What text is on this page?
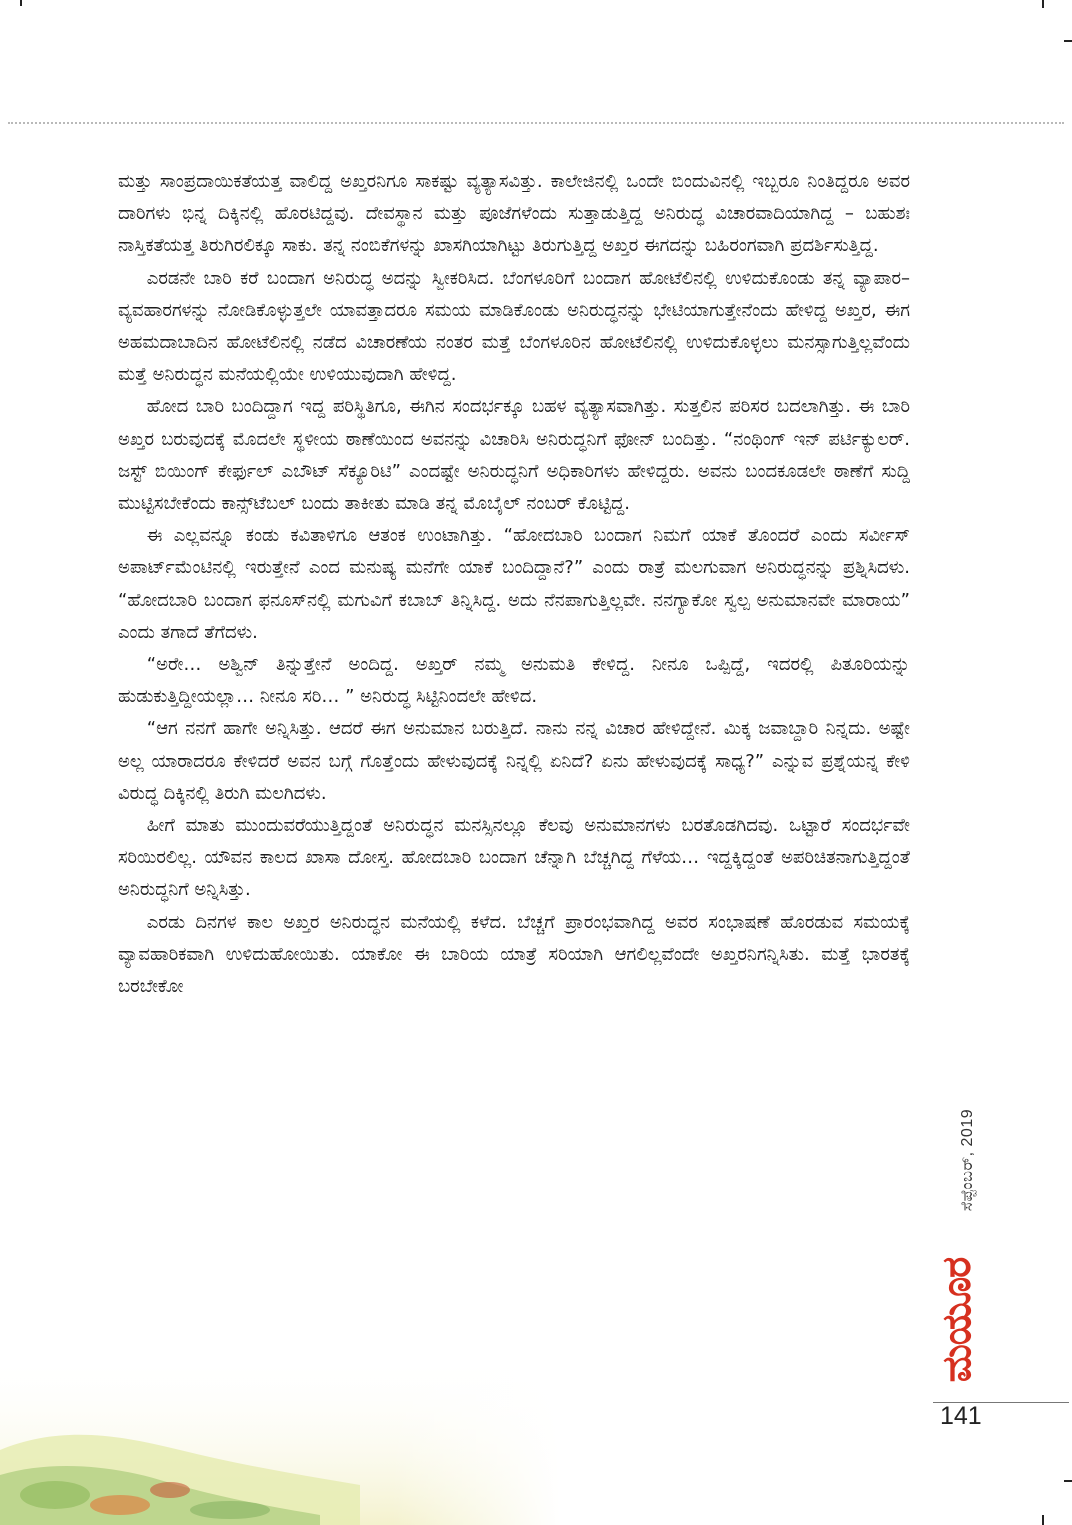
ಮತ್ತು ಸಾಂಪ್ರದಾಯಿಕತೆಯತ್ತ ವಾಲಿದ್ದ ಅಖ್ತರನಿಗೂ ಸಾಕಷ್ಟು ವ್ಯತ್ಯಾಸವಿತ್ತು. ಕಾಲೇಜಿನಲ್ಲಿ ಒಂದೇ ಬಿಂದುವಿನಲ್ಲಿ ಇಬ್ಬರೂ ನಿಂತಿದ್ದರೂ ಅವರ ದಾರಿಗಳು ಭಿನ್ನ ದಿಕ್ಕಿನಲ್ಲಿ ಹೊರಟಿದ್ದವು. ದೇವಸ್ಥಾನ ಮತ್ತು ಪೂಜೆಗಳೆಂದು ಸುತ್ತಾಡುತ್ತಿದ್ದ ಅನಿರುದ್ಧ ವಿಚಾರವಾದಿಯಾಗಿದ್ದ – ಬಹುಶಃ ನಾಸ್ತಿಕತೆಯತ್ತ ತಿರುಗಿರಲಿಕ್ಕೂ ಸಾಕು. ತನ್ನ ನಂಬಿಕೆಗಳನ್ನು ಖಾಸಗಿಯಾಗಿಟ್ಟು ತಿರುಗುತ್ತಿದ್ದ ಅಖ್ತರ ಈಗದನ್ನು ಬಹಿರಂಗವಾಗಿ ಪ್ರದರ್ಶಿಸುತ್ತಿದ್ದ.

ಎರಡನೇ ಬಾರಿ ಕರೆ ಬಂದಾಗ ಅನಿರುದ್ಧ ಅದನ್ನು ಸ್ವೀಕರಿಸಿದ. ಬೆಂಗಳೂರಿಗೆ ಬಂದಾಗ ಹೋಟೆಲಿನಲ್ಲಿ ಉಳಿದುಕೊಂಡು ತನ್ನ ವ್ಯಾಪಾರ–ವ್ಯವಹಾರಗಳನ್ನು ನೋಡಿಕೊಳ್ಳುತ್ತಲೇ ಯಾವತ್ತಾದರೂ ಸಮಯ ಮಾಡಿಕೊಂಡು ಅನಿರುದ್ಧನನ್ನು ಭೇಟಿಯಾಗುತ್ತೇನೆಂದು ಹೇಳಿದ್ದ ಅಖ್ತರ, ಈಗ ಅಹಮದಾಬಾದಿನ ಹೋಟೆಲಿನಲ್ಲಿ ನಡೆದ ವಿಚಾರಣೆಯ ನಂತರ ಮತ್ತೆ ಬೆಂಗಳೂರಿನ ಹೋಟೆಲಿನಲ್ಲಿ ಉಳಿದುಕೊಳ್ಳಲು ಮನಸ್ಸಾಗುತ್ತಿಲ್ಲವೆಂದು ಮತ್ತೆ ಅನಿರುದ್ಧನ ಮನೆಯಲ್ಲಿಯೇ ಉಳಿಯುವುದಾಗಿ ಹೇಳಿದ್ದ.

ಹೋದ ಬಾರಿ ಬಂದಿದ್ದಾಗ ಇದ್ದ ಪರಿಸ್ಥಿತಿಗೂ, ಈಗಿನ ಸಂದರ್ಭಕ್ಕೂ ಬಹಳ ವ್ಯತ್ಯಾಸವಾಗಿತ್ತು. ಸುತ್ತಲಿನ ಪರಿಸರ ಬದಲಾಗಿತ್ತು. ಈ ಬಾರಿ ಅಖ್ತರ ಬರುವುದಕ್ಕೆ ಮೊದಲೇ ಸ್ಥಳೀಯ ಠಾಣೆಯಿಂದ ಅವನನ್ನು ವಿಚಾರಿಸಿ ಅನಿರುದ್ಧನಿಗೆ ಫೋನ್ ಬಂದಿತ್ತು. “ನಂಥಿಂಗ್ ಇನ್ ಪರ್ಟಿಕ್ಯುಲರ್. ಜಸ್ಟ್ ಬಿಯಿಂಗ್ ಕೇರ್ಫುಲ್ ಎಬೌಟ್ ಸೆಕ್ಯೂರಿಟಿ” ಎಂದಷ್ಟೇ ಅನಿರುದ್ಧನಿಗೆ ಅಧಿಕಾರಿಗಳು ಹೇಳಿದ್ದರು. ಅವನು ಬಂದಕೂಡಲೇ ಠಾಣೆಗೆ ಸುದ್ದಿ ಮುಟ್ಟಿಸಬೇಕೆಂದು ಕಾನ್ಸ್‌ಟೆಬಲ್ ಬಂದು ತಾಕೀತು ಮಾಡಿ ತನ್ನ ಮೊಬೈಲ್ ನಂಬರ್ ಕೊಟ್ಟಿದ್ದ.

ಈ ಎಲ್ಲವನ್ನೂ ಕಂಡು ಕವಿತಾಳಿಗೂ ಆತಂಕ ಉಂಟಾಗಿತ್ತು. “ಹೋದಬಾರಿ ಬಂದಾಗ ನಿಮಗೆ ಯಾಕೆ ತೊಂದರೆ ಎಂದು ಸರ್ವೀಸ್ ಅಪಾರ್ಟ್‌ಮೆಂಟಿನಲ್ಲಿ ಇರುತ್ತೇನೆ ಎಂದ ಮನುಷ್ಯ ಮನೆಗೇ ಯಾಕೆ ಬಂದಿದ್ದಾನೆ?” ಎಂದು ರಾತ್ರೆ ಮಲಗುವಾಗ ಅನಿರುದ್ಧನನ್ನು ಪ್ರಶ್ನಿಸಿದಳು. “ಹೋದಬಾರಿ ಬಂದಾಗ ಫನೂಸ್‌ನಲ್ಲಿ ಮಗುವಿಗೆ ಕಬಾಬ್ ತಿನ್ನಿಸಿದ್ದ. ಅದು ನೆನಪಾಗುತ್ತಿಲ್ಲವೇ. ನನಗ್ಯಾಕೋ ಸ್ವಲ್ಪ ಅನುಮಾನವೇ ಮಾರಾಯ” ಎಂದು ತಗಾದೆ ತೆಗೆದಳು.

“ಅರೇ… ಅಶ್ವಿನ್ ತಿನ್ನುತ್ತೇನೆ ಅಂದಿದ್ದ. ಅಖ್ತರ್ ನಮ್ಮ ಅನುಮತಿ ಕೇಳಿದ್ದ. ನೀನೂ ಒಪ್ಪಿದ್ದೆ, ಇದರಲ್ಲಿ ಪಿತೂರಿಯನ್ನು ಹುಡುಕುತ್ತಿದ್ದೀಯಲ್ಲಾ… ನೀನೂ ಸರಿ… ” ಅನಿರುದ್ಧ ಸಿಟ್ಟಿನಿಂದಲೇ ಹೇಳಿದ.

“ಆಗ ನನಗೆ ಹಾಗೇ ಅನ್ನಿಸಿತ್ತು. ಆದರೆ ಈಗ ಅನುಮಾನ ಬರುತ್ತಿದೆ. ನಾನು ನನ್ನ ವಿಚಾರ ಹೇಳಿದ್ದೇನೆ. ಮಿಕ್ಕ ಜವಾಬ್ದಾರಿ ನಿನ್ನದು. ಅಷ್ಟೇ ಅಲ್ಲ ಯಾರಾದರೂ ಕೇಳಿದರೆ ಅವನ ಬಗ್ಗೆ ಗೊತ್ತೆಂದು ಹೇಳುವುದಕ್ಕೆ ನಿನ್ನಲ್ಲಿ ಏನಿದೆ? ಏನು ಹೇಳುವುದಕ್ಕೆ ಸಾಧ್ಯ?” ಎನ್ನುವ ಪ್ರಶ್ನೆಯನ್ನ ಕೇಳಿ ವಿರುದ್ಧ ದಿಕ್ಕಿನಲ್ಲಿ ತಿರುಗಿ ಮಲಗಿದಳು.

ಹೀಗೆ ಮಾತು ಮುಂದುವರೆಯುತ್ತಿದ್ದಂತೆ ಅನಿರುದ್ಧನ ಮನಸ್ಸಿನಲ್ಲೂ ಕೆಲವು ಅನುಮಾನಗಳು ಬರತೊಡಗಿದವು. ಒಟ್ಟಾರೆ ಸಂದರ್ಭವೇ ಸರಿಯಿರಲಿಲ್ಲ. ಯೌವನ ಕಾಲದ ಖಾಸಾ ದೋಸ್ತ. ಹೋದಬಾರಿ ಬಂದಾಗ ಚೆನ್ನಾಗಿ ಬೆಚ್ಚಗಿದ್ದ ಗೆಳೆಯ… ಇದ್ದಕ್ಕಿದ್ದಂತೆ ಅಪರಿಚಿತನಾಗುತ್ತಿದ್ದಂತೆ ಅನಿರುದ್ಧನಿಗೆ ಅನ್ನಿಸಿತ್ತು.

ಎರಡು ದಿನಗಳ ಕಾಲ ಅಖ್ತರ ಅನಿರುದ್ಧನ ಮನೆಯಲ್ಲಿ ಕಳೆದ. ಬೆಚ್ಚಗೆ ಪ್ರಾರಂಭವಾಗಿದ್ದ ಅವರ ಸಂಭಾಷಣೆ ಹೊರಡುವ ಸಮಯಕ್ಕೆ ವ್ಯಾವಹಾರಿಕವಾಗಿ ಉಳಿದುಹೋಯಿತು. ಯಾಕೋ ಈ ಬಾರಿಯ ಯಾತ್ರೆ ಸರಿಯಾಗಿ ಆಗಲಿಲ್ಲವೆಂದೇ ಅಖ್ತರನಿಗನ್ನಿಸಿತು. ಮತ್ತೆ ಭಾರತಕ್ಕೆ ಬರಬೇಕೋ

ಸೆಪ್ಟೆಂಬರ್, 2019
ಮಯೂರ
141
